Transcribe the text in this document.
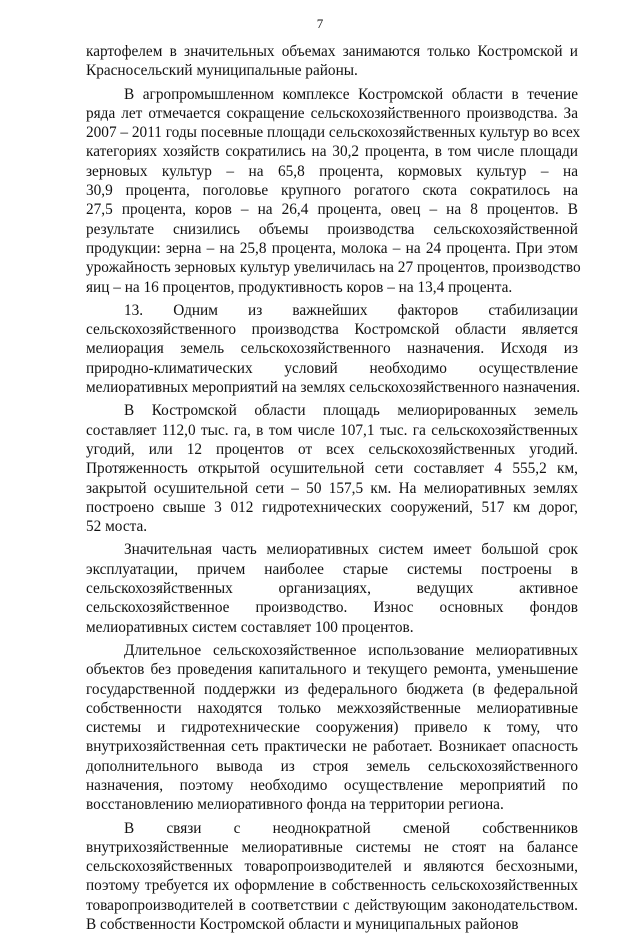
7
картофелем в значительных объемах занимаются только Костромской и
Красносельский муниципальные районы.
В агропромышленном комплексе Костромской области в течение
ряда лет отмечается сокращение сельскохозяйственного производства. За
2007 – 2011 годы посевные площади сельскохозяйственных культур во всех
категориях хозяйств сократились на 30,2 процента, в том числе площади
зерновых культур – на 65,8 процента, кормовых культур – на
30,9 процента, поголовье крупного рогатого скота сократилось на
27,5 процента, коров – на 26,4 процента, овец – на 8 процентов. В
результате снизились объемы производства сельскохозяйственной
продукции: зерна – на 25,8 процента, молока – на 24 процента. При этом
урожайность зерновых культур увеличилась на 27 процентов, производство
яиц – на 16 процентов, продуктивность коров – на 13,4 процента.
13. Одним из важнейших факторов стабилизации
сельскохозяйственного производства Костромской области является
мелиорация земель сельскохозяйственного назначения. Исходя из
природно-климатических условий необходимо осуществление
мелиоративных мероприятий на землях сельскохозяйственного назначения.
В Костромской области площадь мелиорированных земель
составляет 112,0 тыс. га, в том числе 107,1 тыс. га сельскохозяйственных
угодий, или 12 процентов от всех сельскохозяйственных угодий.
Протяженность открытой осушительной сети составляет 4 555,2 км,
закрытой осушительной сети – 50 157,5 км. На мелиоративных землях
построено свыше 3 012 гидротехнических сооружений, 517 км дорог,
52 моста.
Значительная часть мелиоративных систем имеет большой срок
эксплуатации, причем наиболее старые системы построены в
сельскохозяйственных организациях, ведущих активное
сельскохозяйственное производство. Износ основных фондов
мелиоративных систем составляет 100 процентов.
Длительное сельскохозяйственное использование мелиоративных
объектов без проведения капитального и текущего ремонта, уменьшение
государственной поддержки из федерального бюджета (в федеральной
собственности находятся только межхозяйственные мелиоративные
системы и гидротехнические сооружения) привело к тому, что
внутрихозяйственная сеть практически не работает. Возникает опасность
дополнительного вывода из строя земель сельскохозяйственного
назначения, поэтому необходимо осуществление мероприятий по
восстановлению мелиоративного фонда на территории региона.
В связи с неоднократной сменой собственников
внутрихозяйственные мелиоративные системы не стоят на балансе
сельскохозяйственных товаропроизводителей и являются бесхозными,
поэтому требуется их оформление в собственность сельскохозяйственных
товаропроизводителей в соответствии с действующим законодательством.
В собственности Костромской области и муниципальных районов
